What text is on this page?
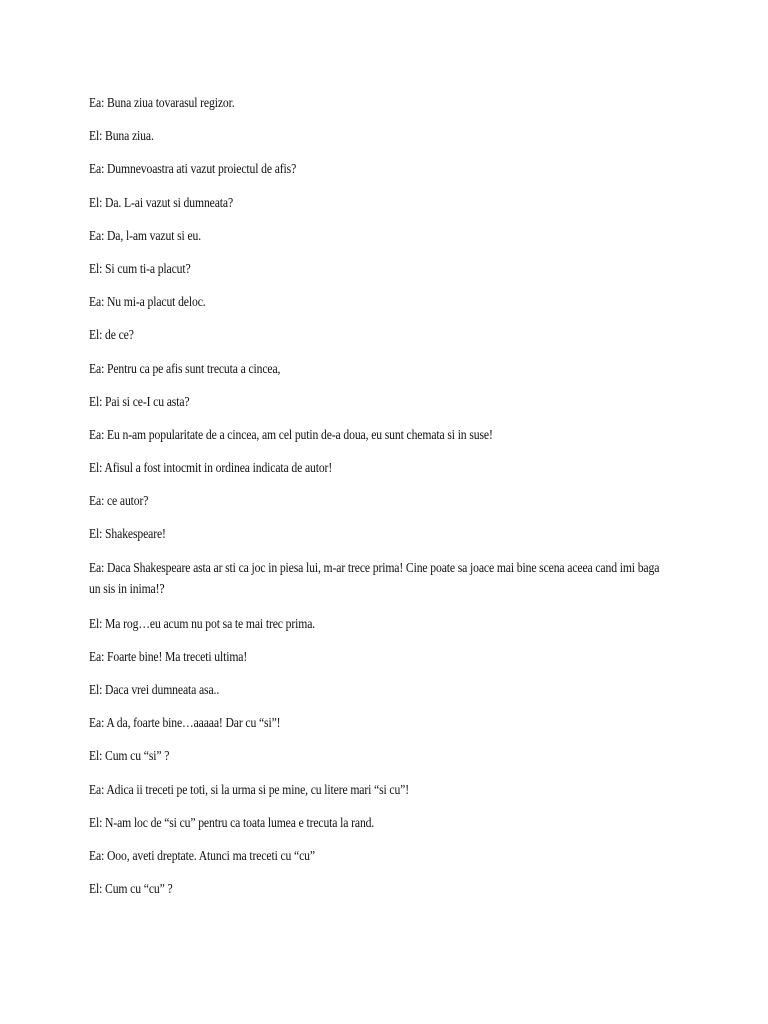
Ea: Buna ziua tovarasul regizor.

El: Buna ziua.

Ea: Dumnevoastra ati vazut proiectul de afis?

El: Da. L-ai vazut si dumneata?

Ea: Da, l-am vazut si eu.

El: Si cum ti-a placut?

Ea: Nu mi-a placut deloc.

El: de ce?

Ea: Pentru ca pe afis sunt trecuta a cincea,

El: Pai si ce-I cu asta?

Ea: Eu n-am popularitate de a cincea, am cel putin de-a doua, eu sunt chemata si in suse!

El: Afisul a fost intocmit in ordinea indicata de autor!

Ea: ce autor?

El: Shakespeare!

Ea: Daca Shakespeare asta ar sti ca joc in piesa lui, m-ar trece prima! Cine poate sa joace mai bine scena aceea cand imi baga un sis in inima!?

El: Ma rog…eu acum nu pot sa te mai trec prima.

Ea: Foarte bine! Ma treceti ultima!

El: Daca vrei dumneata asa..

Ea: A da, foarte bine…aaaaa! Dar cu “si”!

El: Cum cu “si” ?

Ea: Adica ii treceti pe toti, si la urma si pe mine, cu litere mari “si cu”!

El: N-am loc de “si cu” pentru ca toata lumea e trecuta la rand.

Ea: Ooo, aveti dreptate. Atunci ma treceti cu “cu”

El: Cum cu “cu” ?
